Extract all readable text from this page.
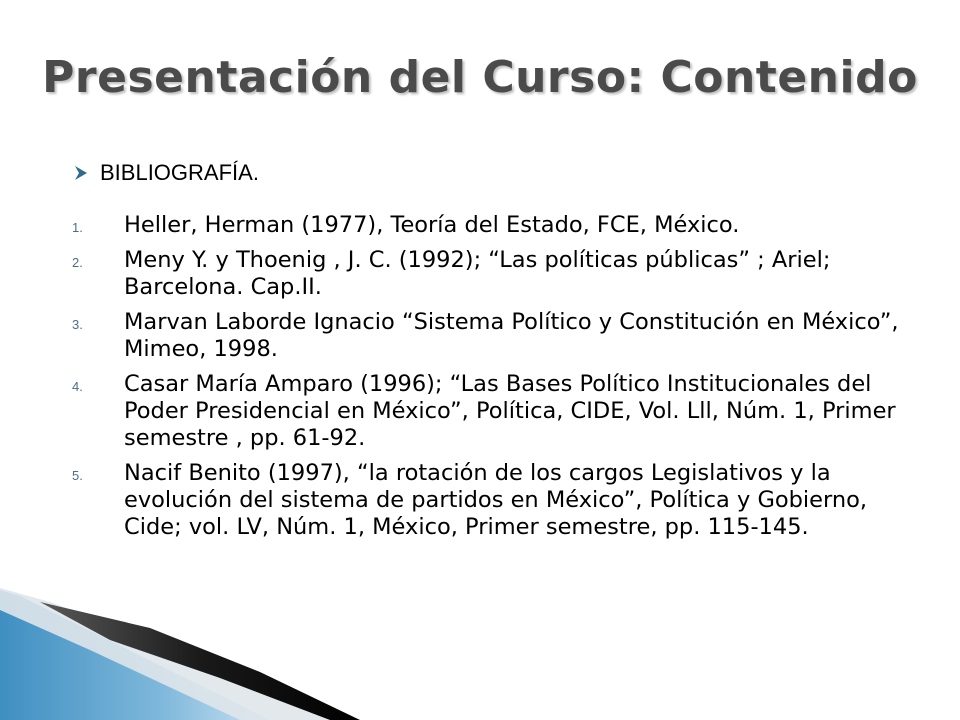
Presentación del Curso: Contenido
BIBLIOGRAFÍA.
1.	Heller, Herman (1977), Teoría del Estado, FCE, México.
2.	Meny Y. y Thoenig , J. C. (1992); “Las políticas públicas” ; Ariel; Barcelona. Cap.II.
3.	Marvan Laborde Ignacio “Sistema Político y Constitución en México”, Mimeo, 1998.
4.	Casar María Amparo (1996); “Las Bases Político Institucionales del Poder Presidencial en México”, Política, CIDE, Vol. Lll, Núm. 1, Primer semestre , pp. 61-92.
5.	Nacif Benito (1997), “la rotación de los cargos Legislativos y la evolución del sistema de partidos en México”, Política y Gobierno, Cide; vol. LV, Núm. 1, México, Primer semestre, pp. 115-145.
